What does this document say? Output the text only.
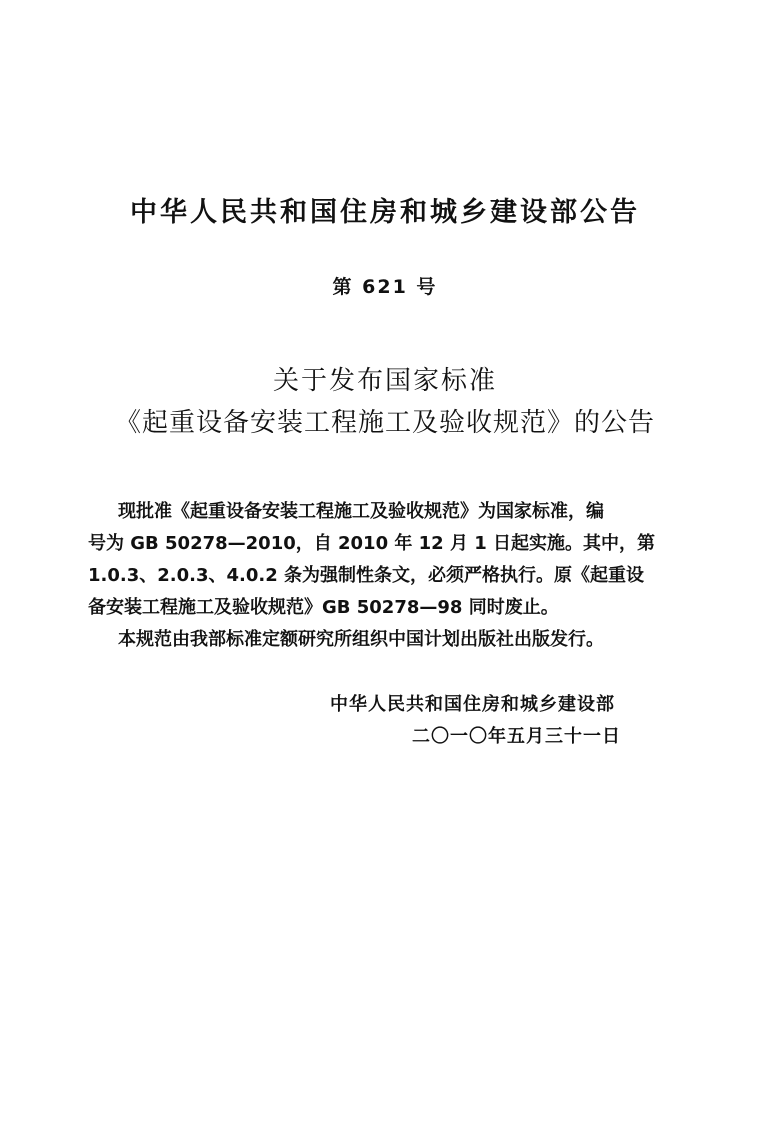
中华人民共和国住房和城乡建设部公告
第 621 号
关于发布国家标准
《起重设备安装工程施工及验收规范》的公告
现批准《起重设备安装工程施工及验收规范》为国家标准，编
号为 GB 50278—2010，自 2010 年 12 月 1 日起实施。其中，第
1.0.3、2.0.3、4.0.2 条为强制性条文，必须严格执行。原《起重设
备安装工程施工及验收规范》GB 50278—98 同时废止。
本规范由我部标准定额研究所组织中国计划出版社出版发行。
中华人民共和国住房和城乡建设部
二〇一〇年五月三十一日
